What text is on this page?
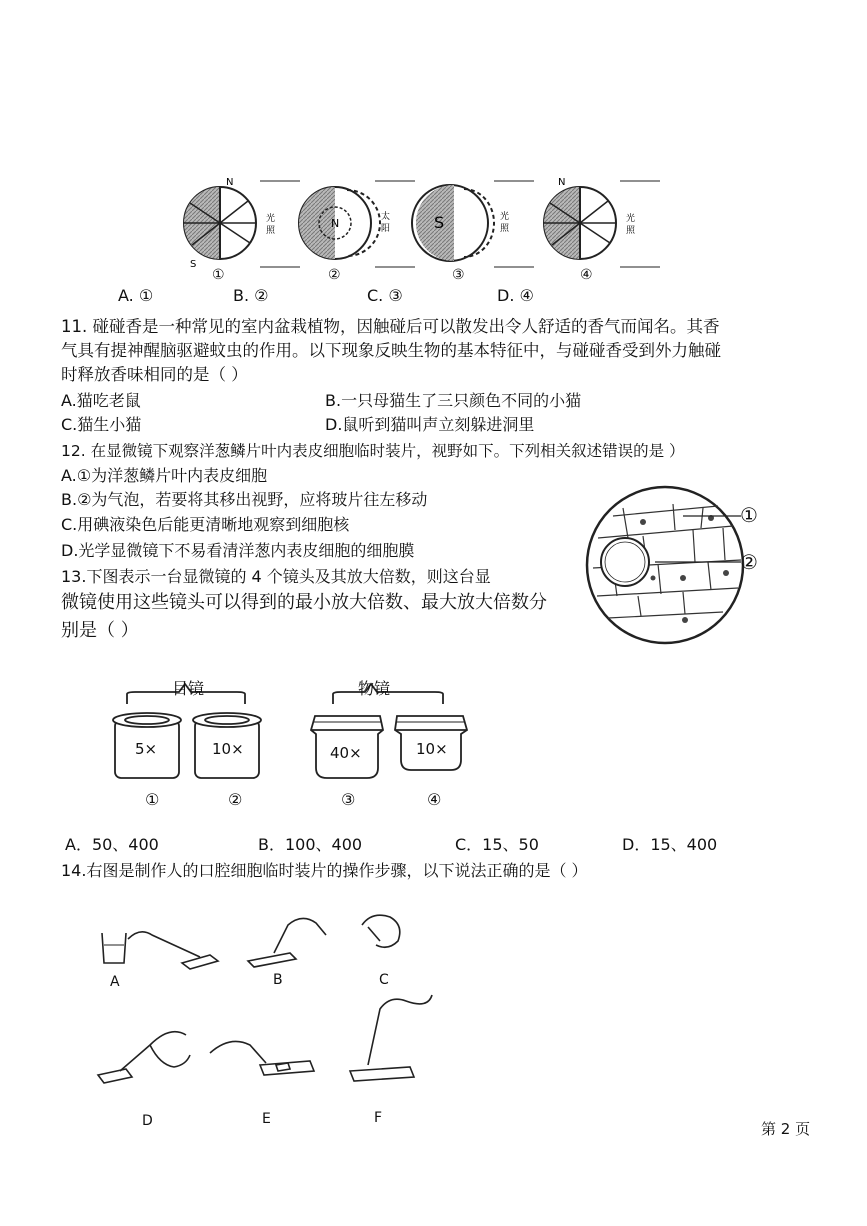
N
S
光
照
N	太
阳	S	光
照
N
光
照
①	②	③	④
A. ①	B. ②	C. ③	D. ④
11. 碰碰香是一种常见的室内盆栽植物，因触碰后可以散发出令人舒适的香气而闻名。其香
气具有提神醒脑驱避蚊虫的作用。以下现象反映生物的基本特征中，与碰碰香受到外力触碰
时释放香味相同的是（ ）
A.猫吃老鼠	B.一只母猫生了三只颜色不同的小猫
C.猫生小猫	D.鼠听到猫叫声立刻躲进洞里
12. 在显微镜下观察洋葱鳞片叶内表皮细胞临时装片，视野如下。下列相关叙述错误的是 ）
A.①为洋葱鳞片叶内表皮细胞
B.②为气泡，若要将其移出视野，应将玻片往左移动
C.用碘液染色后能更清晰地观察到细胞核
D.光学显微镜下不易看清洋葱内表皮细胞的细胞膜
①
②
13.下图表示一台显微镜的 4 个镜头及其放大倍数，则这台显
微镜使用这些镜头可以得到的最小放大倍数、最大放大倍数分
别是（ ）
目镜	物镜
5×	10×	40×	10×
①	②	③	④
A．50、400	B．100、400	C．15、50	D．15、400
14.右图是制作人的口腔细胞临时装片的操作步骤，以下说法正确的是（ ）
A	B	C
D	E	F
第 2 页
